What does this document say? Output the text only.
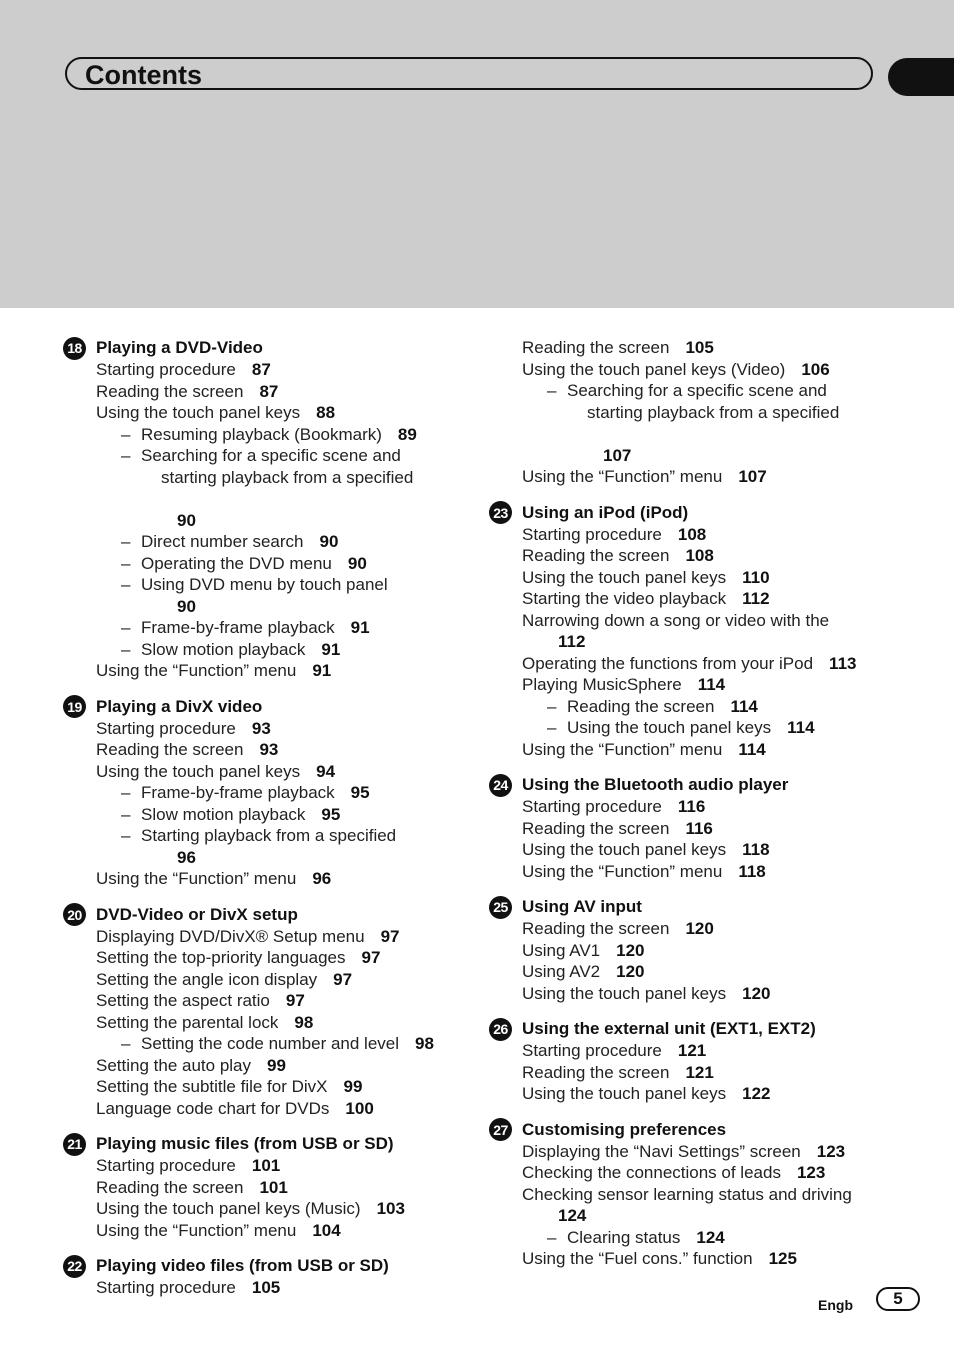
Contents
18 Playing a DVD-Video
Starting procedure 87
Reading the screen 87
Using the touch panel keys 88
– Resuming playback (Bookmark) 89
– Searching for a specific scene and
starting playback from a specified

90
– Direct number search 90
– Operating the DVD menu 90
– Using DVD menu by touch panel
90
– Frame-by-frame playback 91
– Slow motion playback 91
Using the “Function” menu 91
19 Playing a DivX video
Starting procedure 93
Reading the screen 93
Using the touch panel keys 94
– Frame-by-frame playback 95
– Slow motion playback 95
– Starting playback from a specified
96
Using the “Function” menu 96
20 DVD-Video or DivX setup
Displaying DVD/DivX® Setup menu 97
Setting the top-priority languages 97
Setting the angle icon display 97
Setting the aspect ratio 97
Setting the parental lock 98
– Setting the code number and level 98
Setting the auto play 99
Setting the subtitle file for DivX 99
Language code chart for DVDs 100
21 Playing music files (from USB or SD)
Starting procedure 101
Reading the screen 101
Using the touch panel keys (Music) 103
Using the “Function” menu 104
22 Playing video files (from USB or SD)
Starting procedure 105
Reading the screen 105
Using the touch panel keys (Video) 106
– Searching for a specific scene and
starting playback from a specified

107
Using the “Function” menu 107
23 Using an iPod (iPod)
Starting procedure 108
Reading the screen 108
Using the touch panel keys 110
Starting the video playback 112
Narrowing down a song or video with the
112
Operating the functions from your iPod 113
Playing MusicSphere 114
– Reading the screen 114
– Using the touch panel keys 114
Using the “Function” menu 114
24 Using the Bluetooth audio player
Starting procedure 116
Reading the screen 116
Using the touch panel keys 118
Using the “Function” menu 118
25 Using AV input
Reading the screen 120
Using AV1 120
Using AV2 120
Using the touch panel keys 120
26 Using the external unit (EXT1, EXT2)
Starting procedure 121
Reading the screen 121
Using the touch panel keys 122
27 Customising preferences
Displaying the “Navi Settings” screen 123
Checking the connections of leads 123
Checking sensor learning status and driving
124
– Clearing status 124
Using the “Fuel cons.” function 125
Engb	5
